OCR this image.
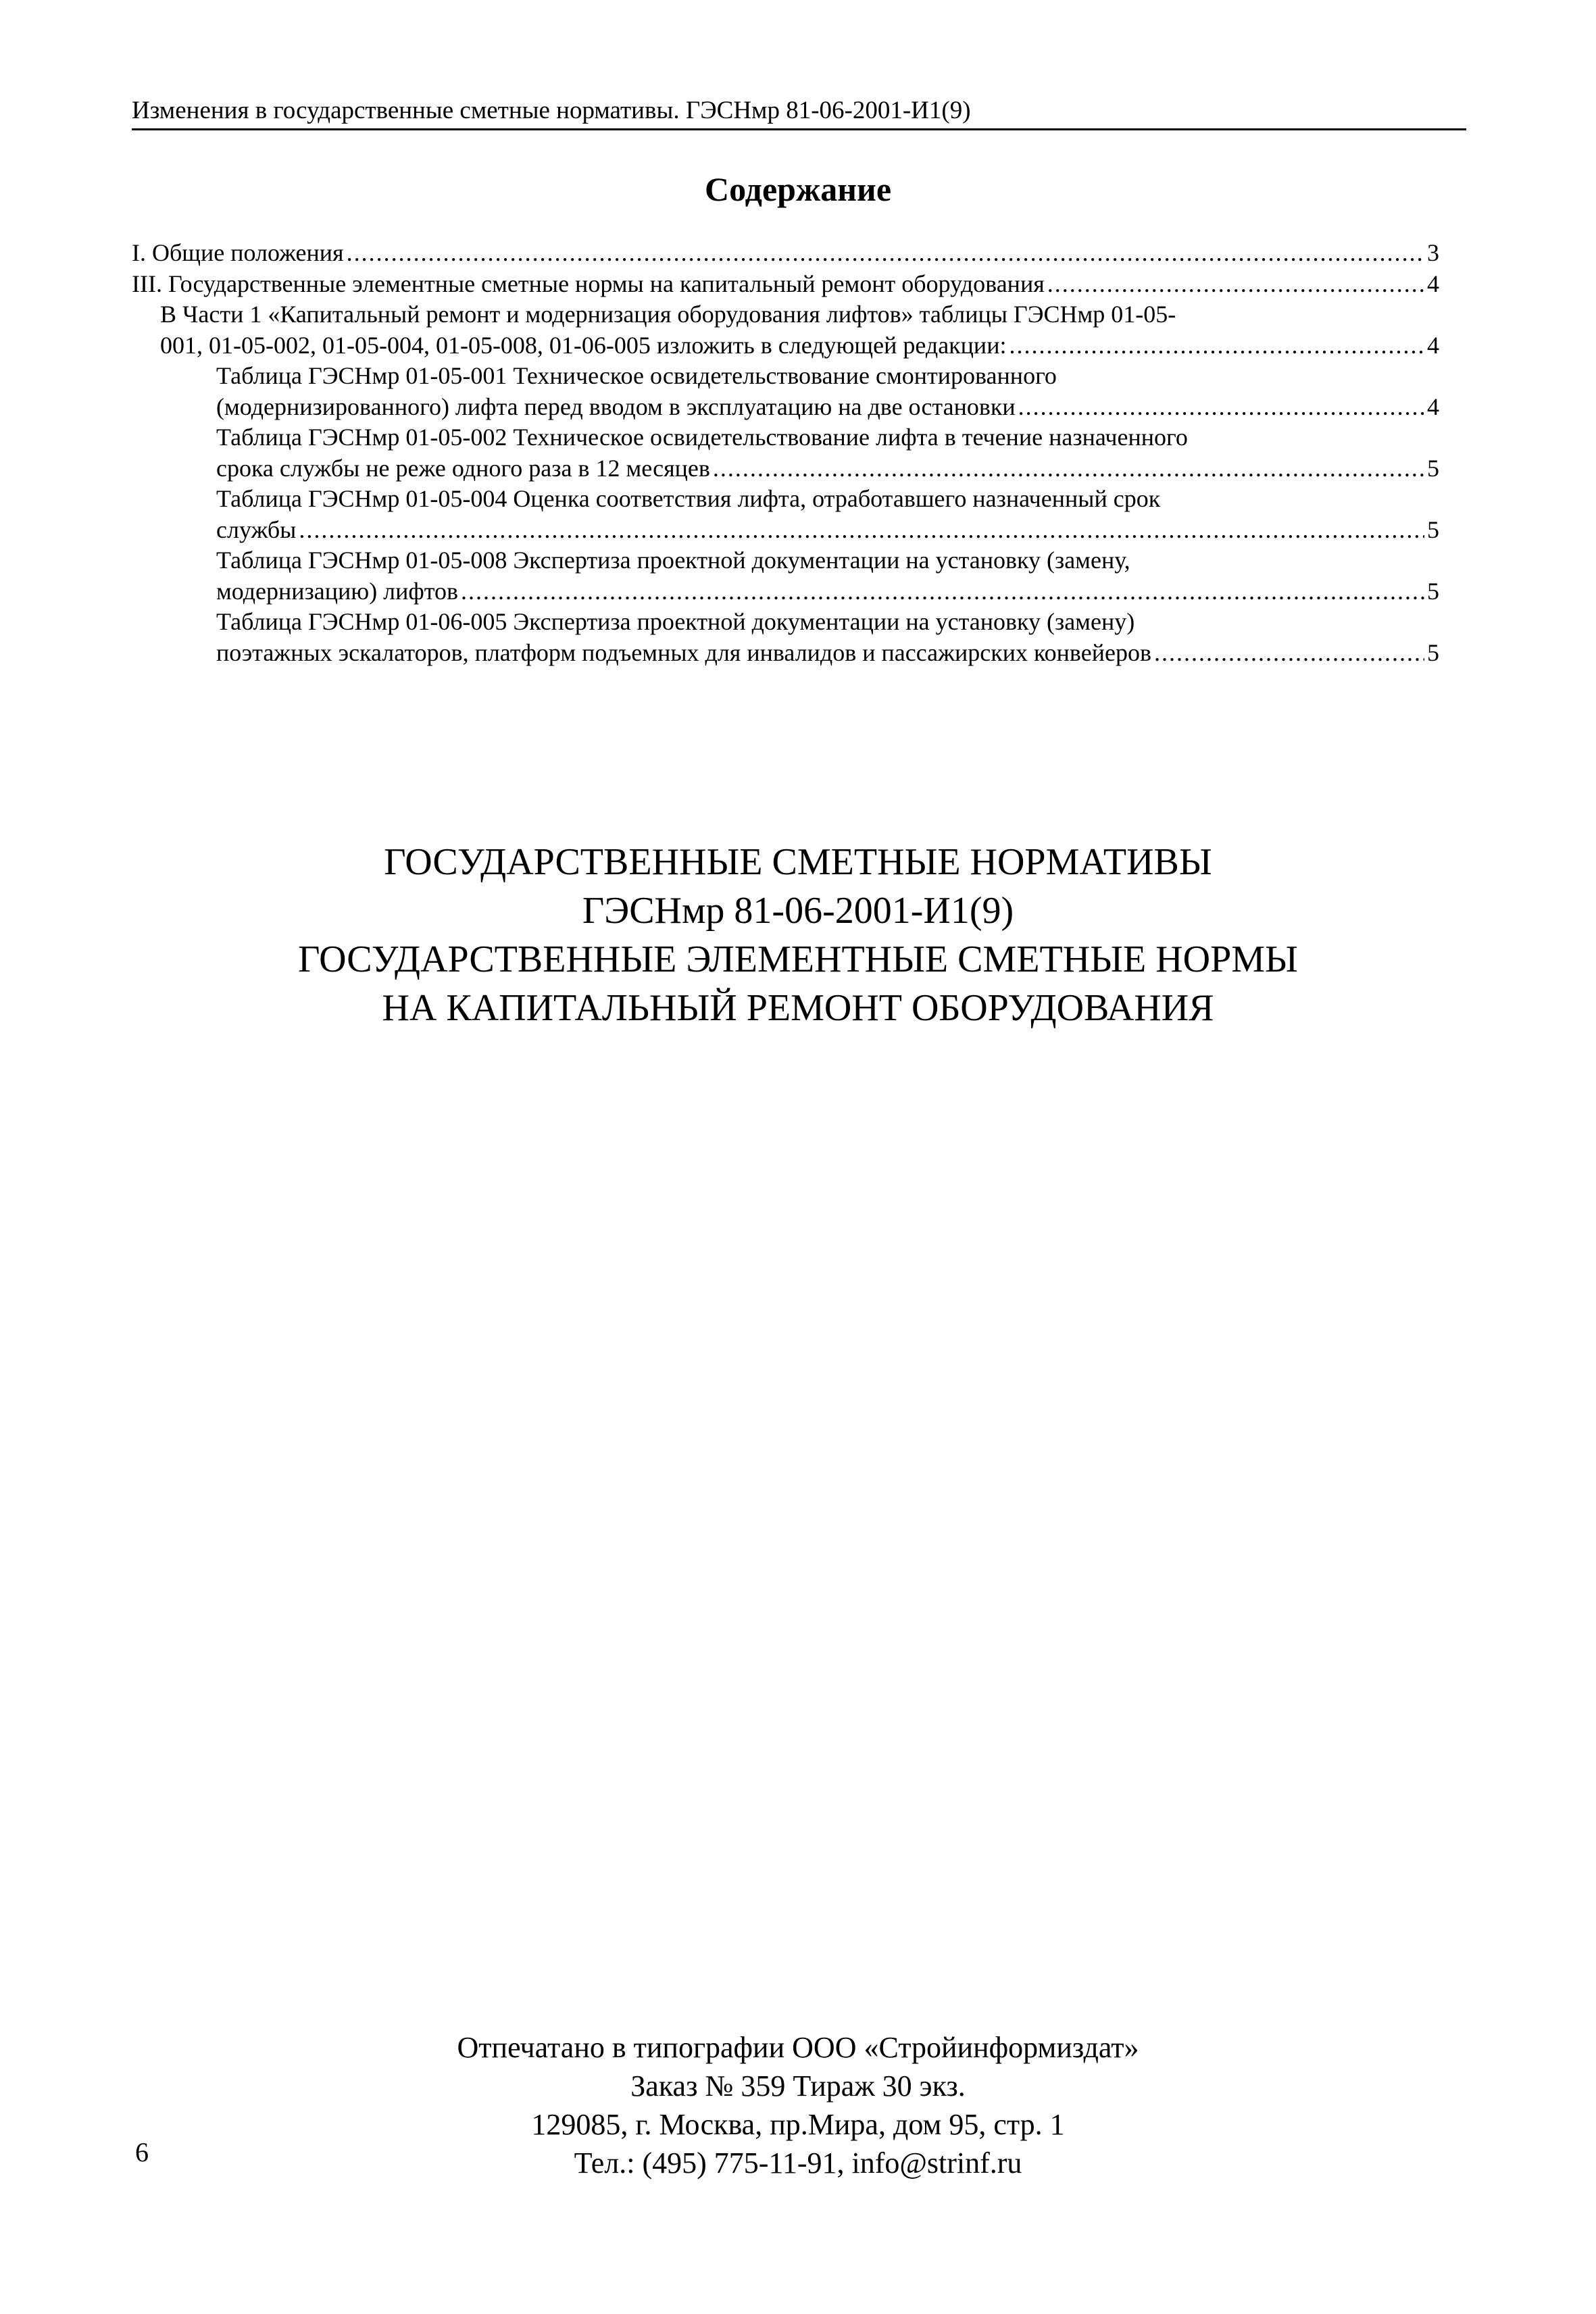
Изменения в государственные сметные нормативы. ГЭСНмр 81-06-2001-И1(9)
Содержание
I. Общие положения .....	3
III. Государственные элементные сметные нормы на капитальный ремонт оборудования .....	4
В Части 1 «Капитальный ремонт и модернизация оборудования лифтов» таблицы ГЭСНмр 01-05-
001, 01-05-002, 01-05-004, 01-05-008, 01-06-005 изложить в следующей редакции: .....	4
Таблица ГЭСНмр 01-05-001 Техническое освидетельствование смонтированного
(модернизированного) лифта перед вводом в эксплуатацию на две остановки .....	4
Таблица ГЭСНмр 01-05-002 Техническое освидетельствование лифта в течение назначенного
срока службы не реже одного раза в 12 месяцев .....	5
Таблица ГЭСНмр 01-05-004 Оценка соответствия лифта, отработавшего назначенный срок
службы .....	5
Таблица ГЭСНмр 01-05-008 Экспертиза проектной документации на установку (замену,
модернизацию) лифтов .....	5
Таблица ГЭСНмр 01-06-005 Экспертиза проектной документации на установку (замену)
поэтажных эскалаторов, платформ подъемных для инвалидов и пассажирских конвейеров .....	5
ГОСУДАРСТВЕННЫЕ СМЕТНЫЕ НОРМАТИВЫ
ГЭСНмр 81-06-2001-И1(9)
ГОСУДАРСТВЕННЫЕ ЭЛЕМЕНТНЫЕ СМЕТНЫЕ НОРМЫ
НА КАПИТАЛЬНЫЙ РЕМОНТ ОБОРУДОВАНИЯ
Отпечатано в типографии ООО «Стройинформиздат»
Заказ № 359 Тираж 30 экз.
129085, г. Москва, пр.Мира, дом 95, стр. 1
Тел.: (495) 775-11-91, info@strinf.ru
6
